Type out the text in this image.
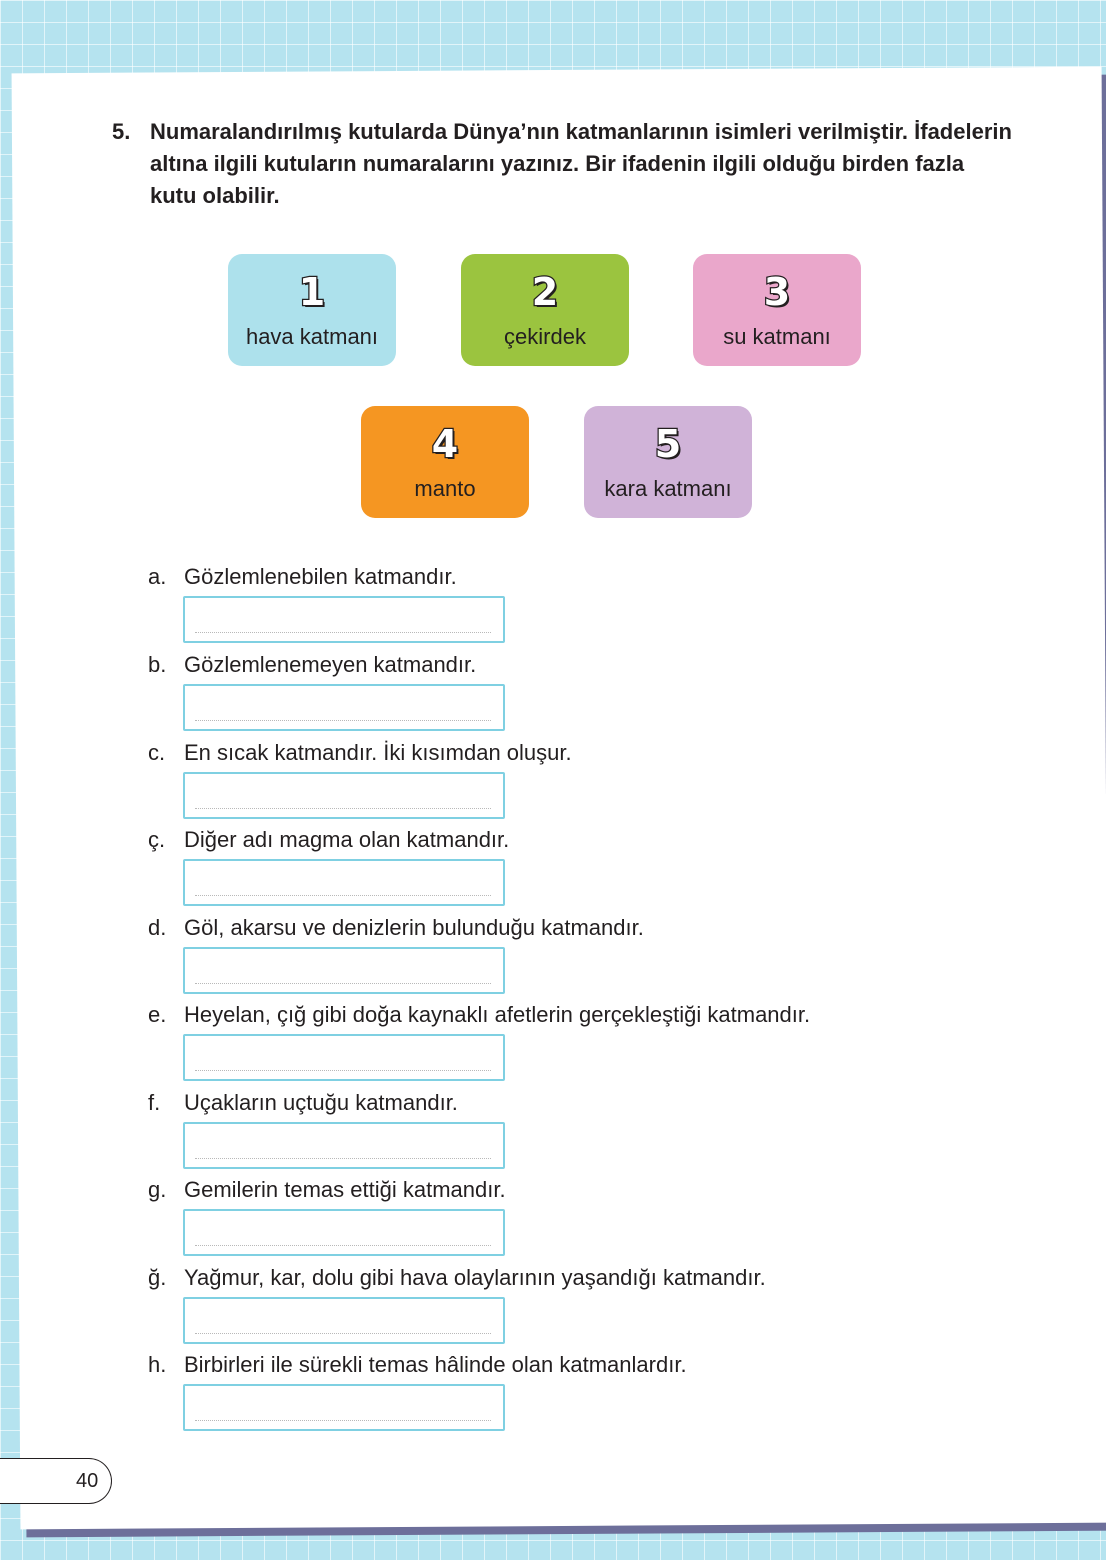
5. Numaralandırılmış kutularda Dünya’nın katmanlarının isimleri verilmiştir. İfadelerin altına ilgili kutuların numaralarını yazınız. Bir ifadenin ilgili olduğu birden fazla kutu olabilir.
1
hava katmanı
2
çekirdek
3
su katmanı
4
manto
5
kara katmanı
a. Gözlemlenebilen katmandır.
b. Gözlemlenemeyen katmandır.
c. En sıcak katmandır. İki kısımdan oluşur.
ç. Diğer adı magma olan katmandır.
d. Göl, akarsu ve denizlerin bulunduğu katmandır.
e. Heyelan, çığ gibi doğa kaynaklı afetlerin gerçekleştiği katmandır.
f.	Uçakların uçtuğu katmandır.
g. Gemilerin temas ettiği katmandır.
ğ. Yağmur, kar, dolu gibi hava olaylarının yaşandığı katmandır.
h. Birbirleri ile sürekli temas hâlinde olan katmanlardır.
40
